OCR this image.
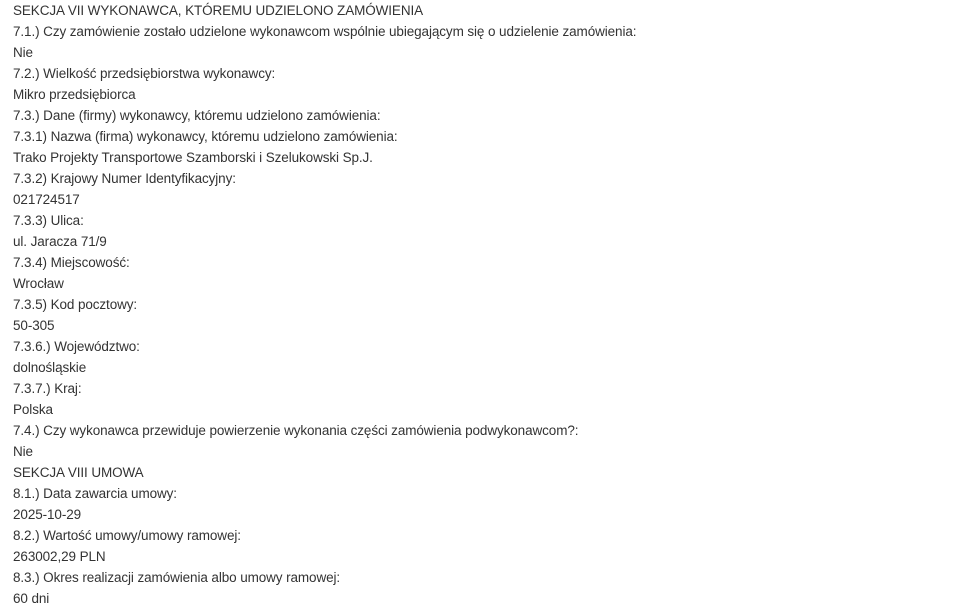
SEKCJA VII WYKONAWCA, KTÓREMU UDZIELONO ZAMÓWIENIA
7.1.) Czy zamówienie zostało udzielone wykonawcom wspólnie ubiegającym się o udzielenie zamówienia:
Nie
7.2.) Wielkość przedsiębiorstwa wykonawcy:
Mikro przedsiębiorca
7.3.) Dane (firmy) wykonawcy, któremu udzielono zamówienia:
7.3.1) Nazwa (firma) wykonawcy, któremu udzielono zamówienia:
Trako Projekty Transportowe Szamborski i Szelukowski Sp.J.
7.3.2) Krajowy Numer Identyfikacyjny:
021724517
7.3.3) Ulica:
ul. Jaracza 71/9
7.3.4) Miejscowość:
Wrocław
7.3.5) Kod pocztowy:
50-305
7.3.6.) Województwo:
dolnośląskie
7.3.7.) Kraj:
Polska
7.4.) Czy wykonawca przewiduje powierzenie wykonania części zamówienia podwykonawcom?:
Nie
SEKCJA VIII UMOWA
8.1.) Data zawarcia umowy:
2025-10-29
8.2.) Wartość umowy/umowy ramowej:
263002,29 PLN
8.3.) Okres realizacji zamówienia albo umowy ramowej:
60 dni
